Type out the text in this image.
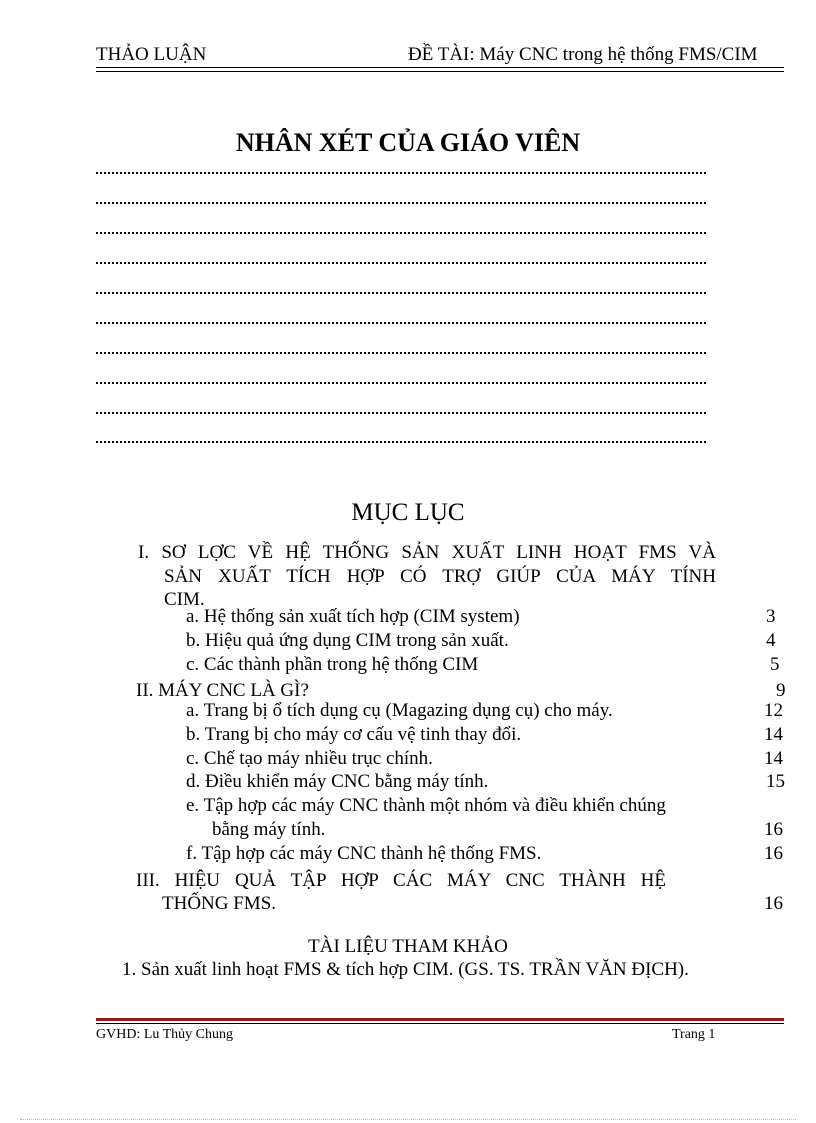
THẢO LUẬN	ĐỀ TÀI: Máy CNC trong hệ thống FMS/CIM
NHÂN XÉT CỦA GIÁO VIÊN
MỤC LỤC
I. SƠ LỢC VỀ HỆ THỐNG SẢN XUẤT LINH HOẠT FMS VÀ
SẢN XUẤT TÍCH HỢP CÓ TRỢ GIÚP CỦA MÁY TÍNH
CIM.
a. Hệ thống sản xuất tích hợp (CIM system)	3
b. Hiệu quả ứng dụng CIM trong sản xuất.	4
c. Các thành phần trong hệ thống CIM	5
II. MÁY CNC LÀ GÌ?	9
a. Trang bị ổ tích dụng cụ (Magazing dụng cụ) cho máy.	12
b. Trang bị cho máy cơ cấu vệ tinh thay đổi.	14
c. Chế tạo máy nhiều trục chính.	14
d. Điều khiển máy CNC bằng máy tính.	15
e. Tập hợp các máy CNC thành một nhóm và điều khiển chúng
bằng máy tính.	16
f. Tập hợp các máy CNC thành hệ thống FMS.	16
III. HIỆU QUẢ TẬP HỢP CÁC MÁY CNC THÀNH HỆ
THỐNG FMS.	16
TÀI LIỆU THAM KHẢO
1. Sản xuất linh hoạt FMS & tích hợp CIM. (GS. TS. TRẦN VĂN ĐỊCH).
GVHD: Lu Thủy Chung	Trang 1
